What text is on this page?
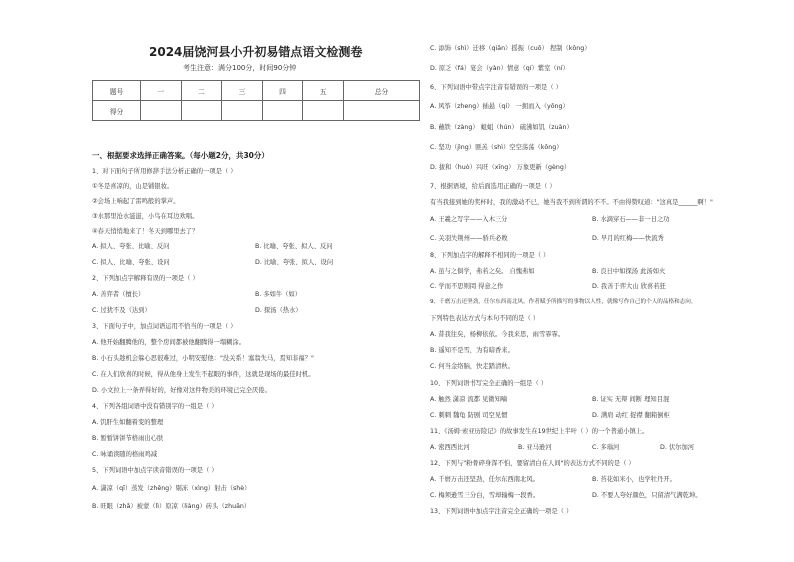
2024届饶河县小升初易错点语文检测卷
考生注意：满分100分，时间90分钟
题号	一	二	三	四	五	总分
得分						
一、根据要求选择正确答案。（每小题2分，共30分）
1、对下面句子所用修辞手法分析正确的一项是（ ）
①冬是喜凉的，山是铺银妆。
②会场上响起了雷鸣般的掌声。
③水那里沧水滋滋，小鸟在耳边欢唱。
④春天悄悄地来了！冬天到哪里去了？
A. 拟人、夸张、比喻、反问	B. 比喻、夸张、拟人、反问
C. 拟人、比喻、夸张、设问	D. 比喻、夸张、拟人、设问
2、下列加点字解释有误的一项是（ ）
A. 善弈者（擅长）	B. 多如牛（如）
C. 过犹不及（达到）	D. 探汤（热水）
3、下面句子中，加点词语运用不恰当的一项是（ ）
A. 他开始翻腾他的，整个房间都被他翻腾得一塌糊涂。
B. 小石头趁机会躲心思很难过，小明安慰他："没关系！塞翁失马，焉知非福？"
C. 在人们欣喜的时候，得从他身上发生不起眼的事件，这就是现场的最佳时机。
D. 小文拉上一条弄得好的，好像对这件物美的环境已完全厌倦。
4、下列各组词语中没有错别字的一组是（ ）
A. 饥肝生如翻着变的整理
B. 暂暂饼饼节格雨出心肤
C. 咏诵读随的格雨鸡减
5、下列词语中加点字读音错误的一项是（ ）
A. 潇凉（qī）蒸发（zhēng）剔冻（xìng）射击（shè）
B. 旺眼（zhǎ）被蒙（lì）原凉（liàng）砖头（zhuān）
C. 添饰（shì）迁移（qiān）摇振（cuō） 捏制（kōng）
D. 原乏（fá）宴会（yàn）情意（qí）紫室（ní）
6、下列词语中带点字注音有错误的一项是（ ）
A. 风筝（zheng）插悬（qí） 一拥而入（yōng）
B. 蘸铁（zàng） 蛆蛆（hún） 硫沸如饥（zuàn）
C. 坚功（jìng）匪羔（shì）空空荡荡（kōng）
D. 拔和（huò）兴旺（xīng） 万象更新（gèng）
7、根据语境，给后面选用正确的一项是（ ）
有当我接到她的奖杯时，我的激动不已，她当我不到所谓的不不。不由得赞叹道："这真是______啊！"
A. 王羲之写字——入木三分	B. 水滴穿石——非一日之功
C. 关羽失荆州——骄兵必败	D. 早月的红梅——快流秀
8、下列加点字的解释不相同的一项是（ ）
A. 虽与之俱学，弗若之矣。 自愧弗如	B. 良日中如探汤 此汤如火
C. 学而不思则罔 得意之作	D. 我善于弈大山 欣喜若狂
9、千磨万击还坚劲，任尔东西南北风。作者赋予所描写的事物以人性，就像写作自己的个人的品格和志向。
下列特色表达方式与本句不同的是（ ）
A. 昔我往矣，杨柳依依。今我来思，雨雪霏霏。
B. 遥知不是雪，为有暗香来。
C. 何当金络脑，快走踏清秋。
10、下列词语书写完全正确的一组是（ ）
A. 触然 潇凉 流都 见微知喃	B. 证实 无辩 间断 理知目混
C. 刺刺 魏龟 防剧 司空见惯	D. 满肩 动红 捉襟 翻箱倒柜
11、《汤姆·索亚历险记》的故事发生在19世纪上半叶（ ）的一个普通小镇上。
A. 密西西比河	B. 亚马逊河	C. 多瑙河	D. 伏尔加河
12、下列与"粉骨碎身浑不怕，要留清白在人间"的表达方式不同的是（ ）
A. 千磨万击还坚劲，任尔东西南北风。	B. 苔花如米小，也学牡丹开。
C. 梅须逊雪三分白，雪却输梅一段香。	D. 不要人夸好颜色，只留清气满乾坤。
13、下列词语中加点字注音完全正确的一项是（ ）
